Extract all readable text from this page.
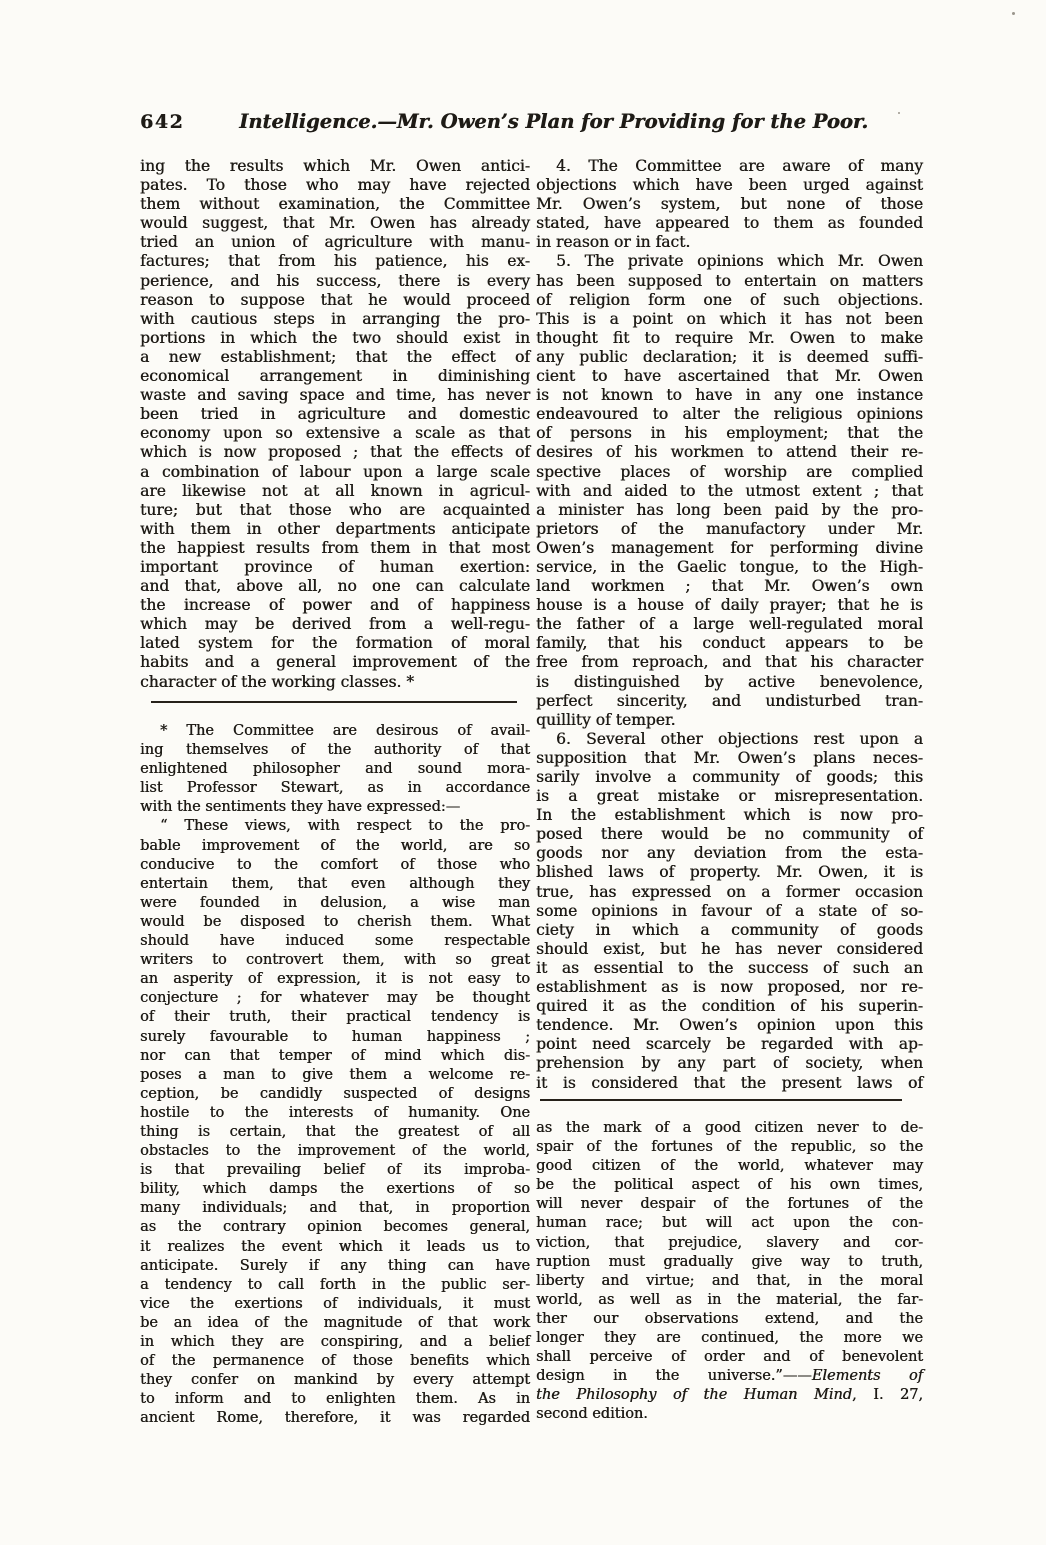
642	Intelligence.—Mr. Owen’s Plan for Providing for the Poor.
ing the results which Mr. Owen antici-
pates. To those who may have rejected
them without examination, the Committee
would suggest, that Mr. Owen has already
tried an union of agriculture with manu-
factures; that from his patience, his ex-
perience, and his success, there is every
reason to suppose that he would proceed
with cautious steps in arranging the pro-
portions in which the two should exist in
a new establishment; that the effect of
economical arrangement in diminishing
waste and saving space and time, has never
been tried in agriculture and domestic
economy upon so extensive a scale as that
which is now proposed ; that the effects of
a combination of labour upon a large scale
are likewise not at all known in agricul-
ture; but that those who are acquainted
with them in other departments anticipate
the happiest results from them in that most
important province of human exertion:
and that, above all, no one can calculate
the increase of power and of happiness
which may be derived from a well-regu-
lated system for the formation of moral
habits and a general improvement of the
character of the working classes. *
* The Committee are desirous of avail-
ing themselves of the authority of that
enlightened philosopher and sound mora-
list Professor Stewart, as in accordance
with the sentiments they have expressed:—
“ These views, with respect to the pro-
bable improvement of the world, are so
conducive to the comfort of those who
entertain them, that even although they
were founded in delusion, a wise man
would be disposed to cherish them. What
should have induced some respectable
writers to controvert them, with so great
an asperity of expression, it is not easy to
conjecture ; for whatever may be thought
of their truth, their practical tendency is
surely favourable to human happiness ;
nor can that temper of mind which dis-
poses a man to give them a welcome re-
ception, be candidly suspected of designs
hostile to the interests of humanity. One
thing is certain, that the greatest of all
obstacles to the improvement of the world,
is that prevailing belief of its improba-
bility, which damps the exertions of so
many individuals; and that, in proportion
as the contrary opinion becomes general,
it realizes the event which it leads us to
anticipate. Surely if any thing can have
a tendency to call forth in the public ser-
vice the exertions of individuals, it must
be an idea of the magnitude of that work
in which they are conspiring, and a belief
of the permanence of those benefits which
they confer on mankind by every attempt
to inform and to enlighten them. As in
ancient Rome, therefore, it was regarded
4. The Committee are aware of many
objections which have been urged against
Mr. Owen’s system, but none of those
stated, have appeared to them as founded
in reason or in fact.
5. The private opinions which Mr. Owen
has been supposed to entertain on matters
of religion form one of such objections.
This is a point on which it has not been
thought fit to require Mr. Owen to make
any public declaration; it is deemed suffi-
cient to have ascertained that Mr. Owen
is not known to have in any one instance
endeavoured to alter the religious opinions
of persons in his employment; that the
desires of his workmen to attend their re-
spective places of worship are complied
with and aided to the utmost extent ; that
a minister has long been paid by the pro-
prietors of the manufactory under Mr.
Owen’s management for performing divine
service, in the Gaelic tongue, to the High-
land workmen ; that Mr. Owen’s own
house is a house of daily prayer; that he is
the father of a large well-regulated moral
family, that his conduct appears to be
free from reproach, and that his character
is distinguished by active benevolence,
perfect sincerity, and undisturbed tran-
quillity of temper.
6. Several other objections rest upon a
supposition that Mr. Owen’s plans neces-
sarily involve a community of goods; this
is a great mistake or misrepresentation.
In the establishment which is now pro-
posed there would be no community of
goods nor any deviation from the esta-
blished laws of property. Mr. Owen, it is
true, has expressed on a former occasion
some opinions in favour of a state of so-
ciety in which a community of goods
should exist, but he has never considered
it as essential to the success of such an
establishment as is now proposed, nor re-
quired it as the condition of his superin-
tendence. Mr. Owen’s opinion upon this
point need scarcely be regarded with ap-
prehension by any part of society, when
it is considered that the present laws of
as the mark of a good citizen never to de-
spair of the fortunes of the republic, so the
good citizen of the world, whatever may
be the political aspect of his own times,
will never despair of the fortunes of the
human race; but will act upon the con-
viction, that prejudice, slavery and cor-
ruption must gradually give way to truth,
liberty and virtue; and that, in the moral
world, as well as in the material, the far-
ther our observations extend, and the
longer they are continued, the more we
shall perceive of order and of benevolent
design in the universe.”——Elements of
the Philosophy of the Human Mind, I. 27,
second edition.
